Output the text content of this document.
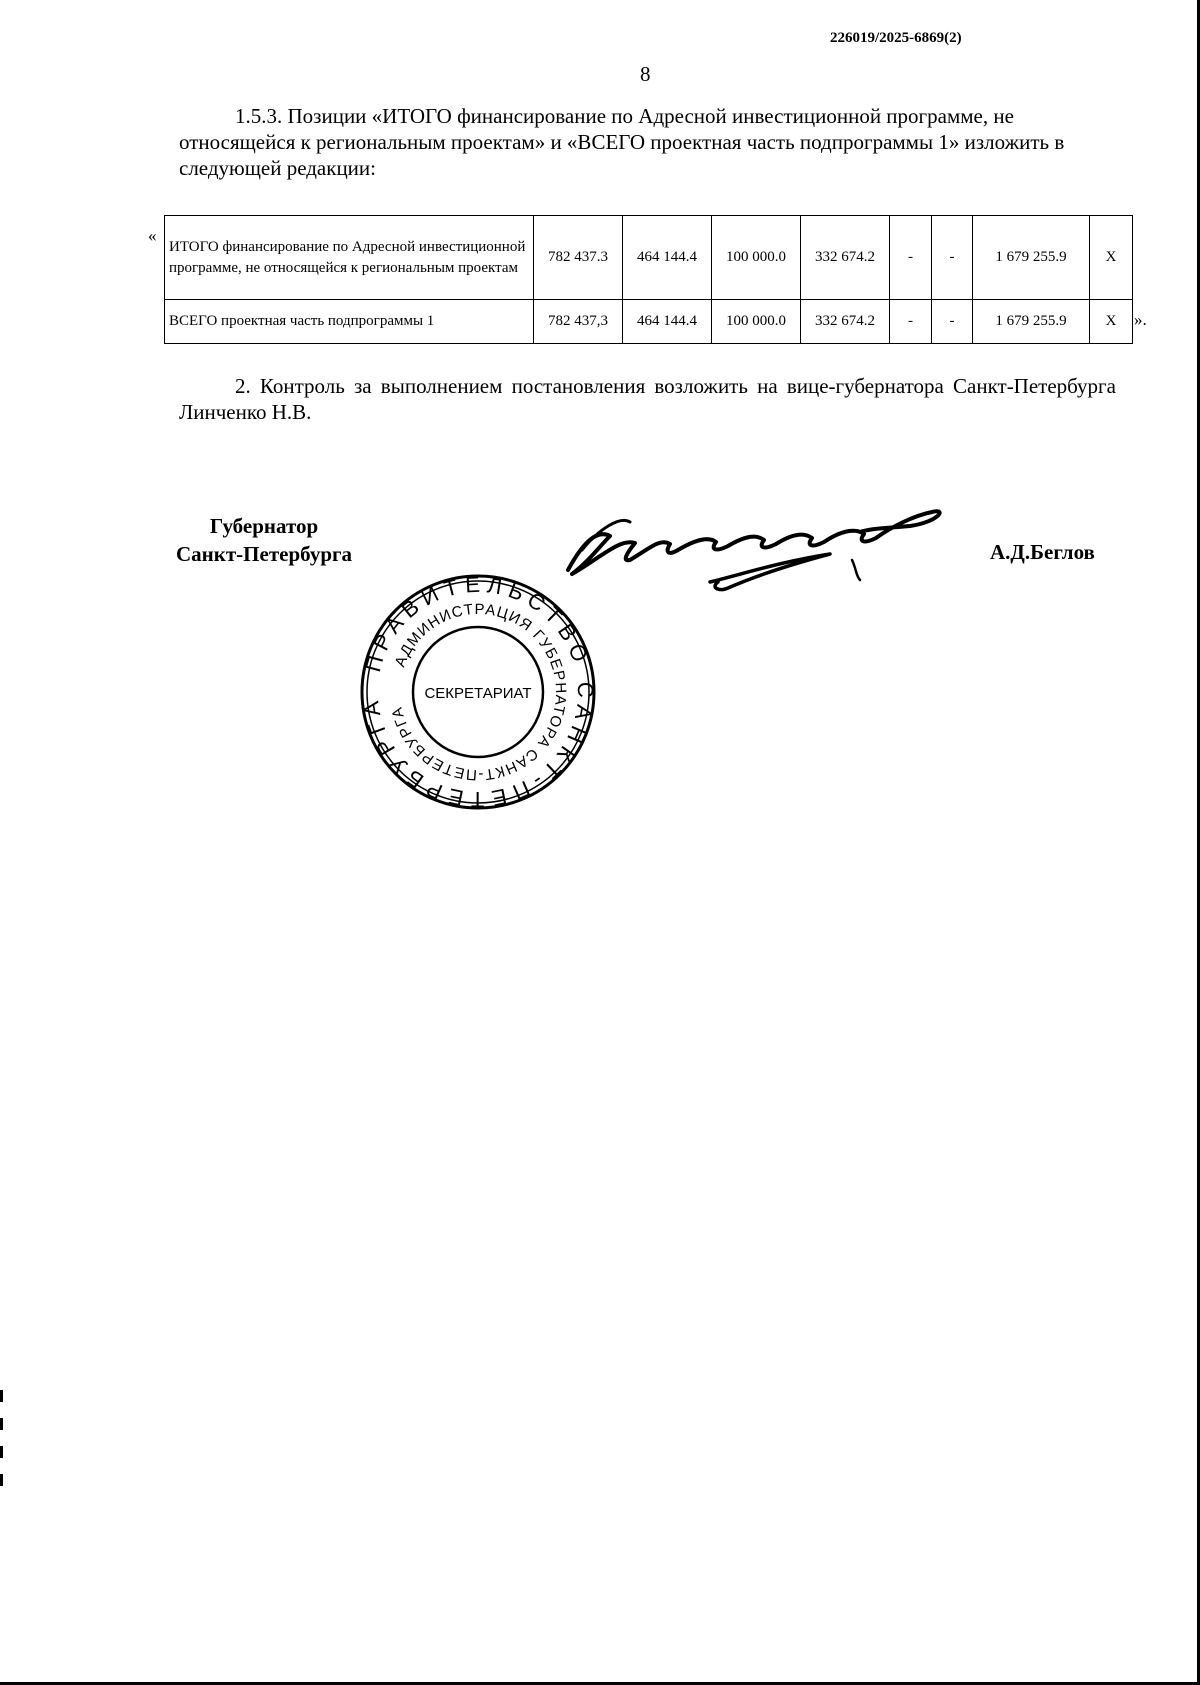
226019/2025-6869(2)
8

1.5.3. Позиции «ИТОГО финансирование по Адресной инвестиционной программе, не относящейся к региональным проектам» и «ВСЕГО проектная часть подпрограммы 1» изложить в следующей редакции:

«
».
ИТОГО финансирование по Адресной инвестиционной программе, не относящейся к региональным проектам	782 437.3	464 144.4	100 000.0	332 674.2	-	-	1 679 255.9	Х
ВСЕГО проектная часть подпрограммы 1	782 437,3	464 144.4	100 000.0	332 674.2	-	-	1 679 255.9	Х

2. Контроль за выполнением постановления возложить на вице-губернатора Санкт-Петербурга Линченко Н.В.

Губернатор
Санкт-Петербурга	А.Д.Беглов
ПРАВИТЕЛЬСТВО САНКТ-ПЕТЕРБУРГА
АДМИНИСТРАЦИЯ ГУБЕРНАТОРА САНКТ-ПЕТЕРБУРГА
СЕКРЕТАРИАТ
